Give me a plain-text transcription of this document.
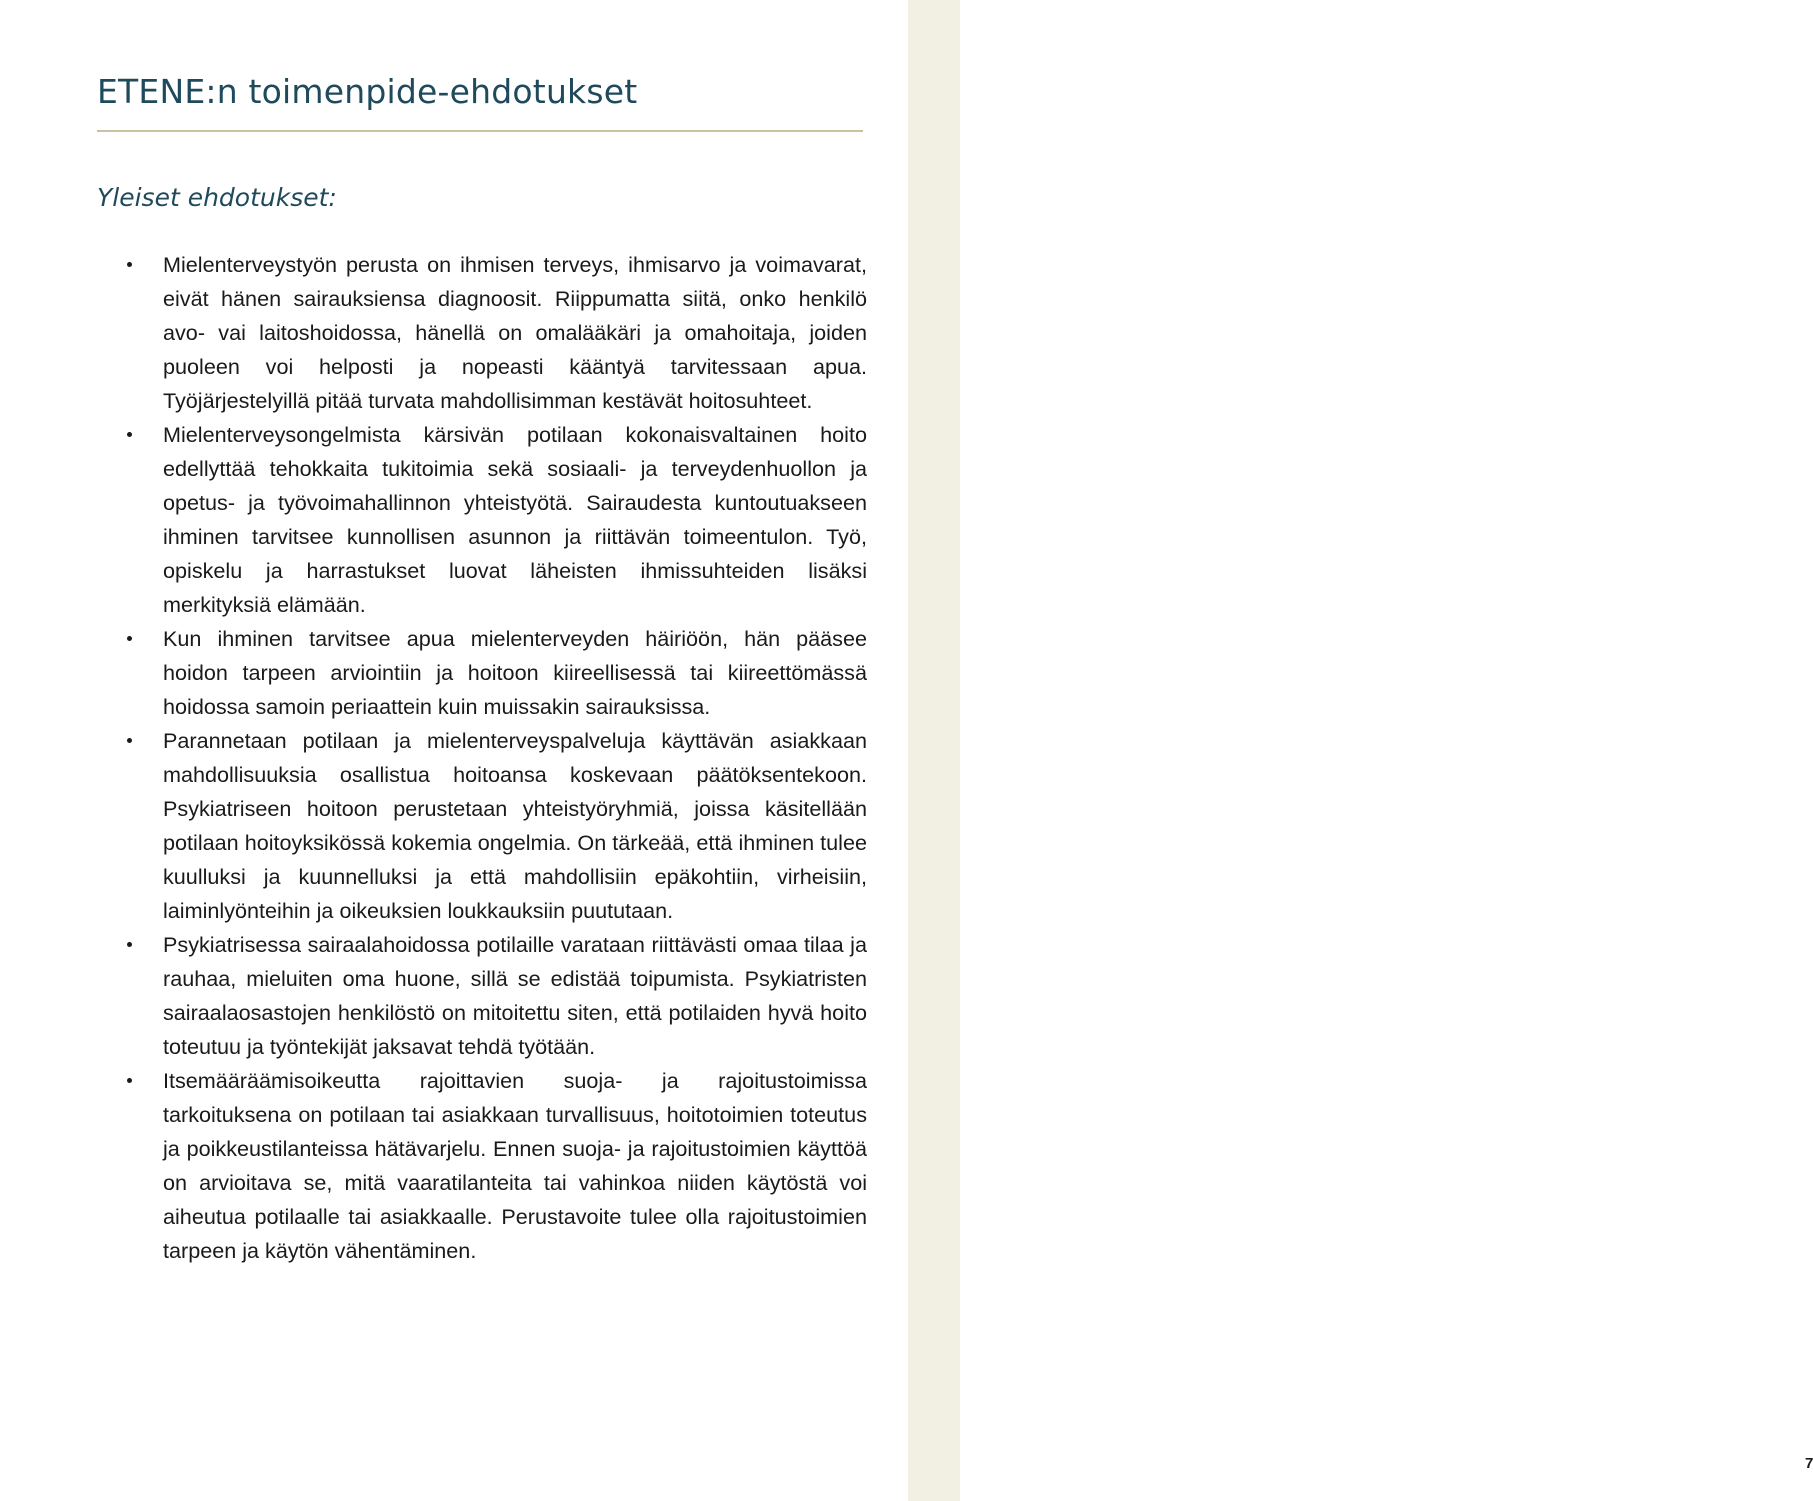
ETENE:n toimenpide-ehdotukset
Yleiset ehdotukset:
Mielenterveystyön perusta on ihmisen terveys, ihmisarvo ja voimavarat, eivät hänen sairauksiensa diagnoosit. Riippumatta siitä, onko henkilö avo- vai laitoshoidossa, hänellä on omalääkäri ja omahoitaja, joiden puoleen voi helposti ja nopeasti kääntyä tarvitessaan apua. Työjärjestelyillä pitää turvata mahdollisimman kestävät hoitosuhteet.
Mielenterveysongelmista kärsivän potilaan kokonaisvaltainen hoito edellyttää tehokkaita tukitoimia sekä sosiaali- ja terveydenhuollon ja opetus- ja työvoimahallinnon yhteistyötä. Sairaudesta kuntoutuakseen ihminen tarvitsee kunnollisen asunnon ja riittävän toimeentulon. Työ, opiskelu ja harrastukset luovat läheisten ihmissuhteiden lisäksi merkityksiä elämään.
Kun ihminen tarvitsee apua mielenterveyden häiriöön, hän pääsee hoidon tarpeen arviointiin ja hoitoon kiireellisessä tai kiireettömässä hoidossa samoin periaattein kuin muissakin sairauksissa.
Parannetaan potilaan ja mielenterveyspalveluja käyttävän asiakkaan mahdollisuuksia osallistua hoitoansa koskevaan päätöksentekoon. Psykiatriseen hoitoon perustetaan yhteistyöryhmiä, joissa käsitellään potilaan hoitoyksikössä kokemia ongelmia. On tärkeää, että ihminen tulee kuulluksi ja kuunnelluksi ja että mahdollisiin epäkohtiin, virheisiin, laiminlyönteihin ja oikeuksien loukkauksiin puututaan.
Psykiatrisessa sairaalahoidossa potilaille varataan riittävästi omaa tilaa ja rauhaa, mieluiten oma huone, sillä se edistää toipumista. Psykiatristen sairaalaosastojen henkilöstö on mitoitettu siten, että potilaiden hyvä hoito toteutuu ja työntekijät jaksavat tehdä työtään.
Itsemääräämisoikeutta rajoittavien suoja- ja rajoitustoimissa tarkoituksena on potilaan tai asiakkaan turvallisuus, hoitotoimien toteutus ja poikkeustilanteissa hätävarjelu. Ennen suoja- ja rajoitustoimien käyttöä on arvioitava se, mitä vaaratilanteita tai vahinkoa niiden käytöstä voi aiheutua potilaalle tai asiakkaalle. Perustavoite tulee olla rajoitustoimien tarpeen ja käytön vähentäminen.
7
